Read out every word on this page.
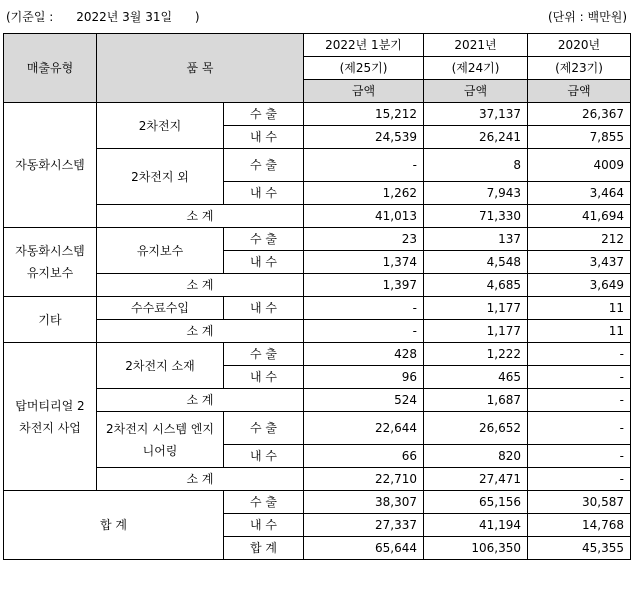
(기준일 :      2022년 3월 31일      )	(단위 : 백만원)
매출유형	품 목		2022년 1분기	2021년	2020년
			(제25기)	(제24기)	(제23기)
			금액	금액	금액
자동화시스템	2차전지	수 출	15,212	37,137	26,367
		내 수	24,539	26,241	7,855
	2차전지 외	수 출	-	8	4009
		내 수	1,262	7,943	3,464
	소 계		41,013	71,330	41,694
자동화시스템 유지보수	유지보수	수 출	23	137	212
		내 수	1,374	4,548	3,437
	소 계		1,397	4,685	3,649
기타	수수료수입	내 수	-	1,177	11
	소 계		-	1,177	11
탑머티리얼 2차전지 사업	2차전지 소재	수 출	428	1,222	-
		내 수	96	465	-
	소 계		524	1,687	-
	2차전지 시스템 엔지니어링	수 출	22,644	26,652	-
		내 수	66	820	-
	소 계		22,710	27,471	-
합 계		수 출	38,307	65,156	30,587
		내 수	27,337	41,194	14,768
		합 계	65,644	106,350	45,355
